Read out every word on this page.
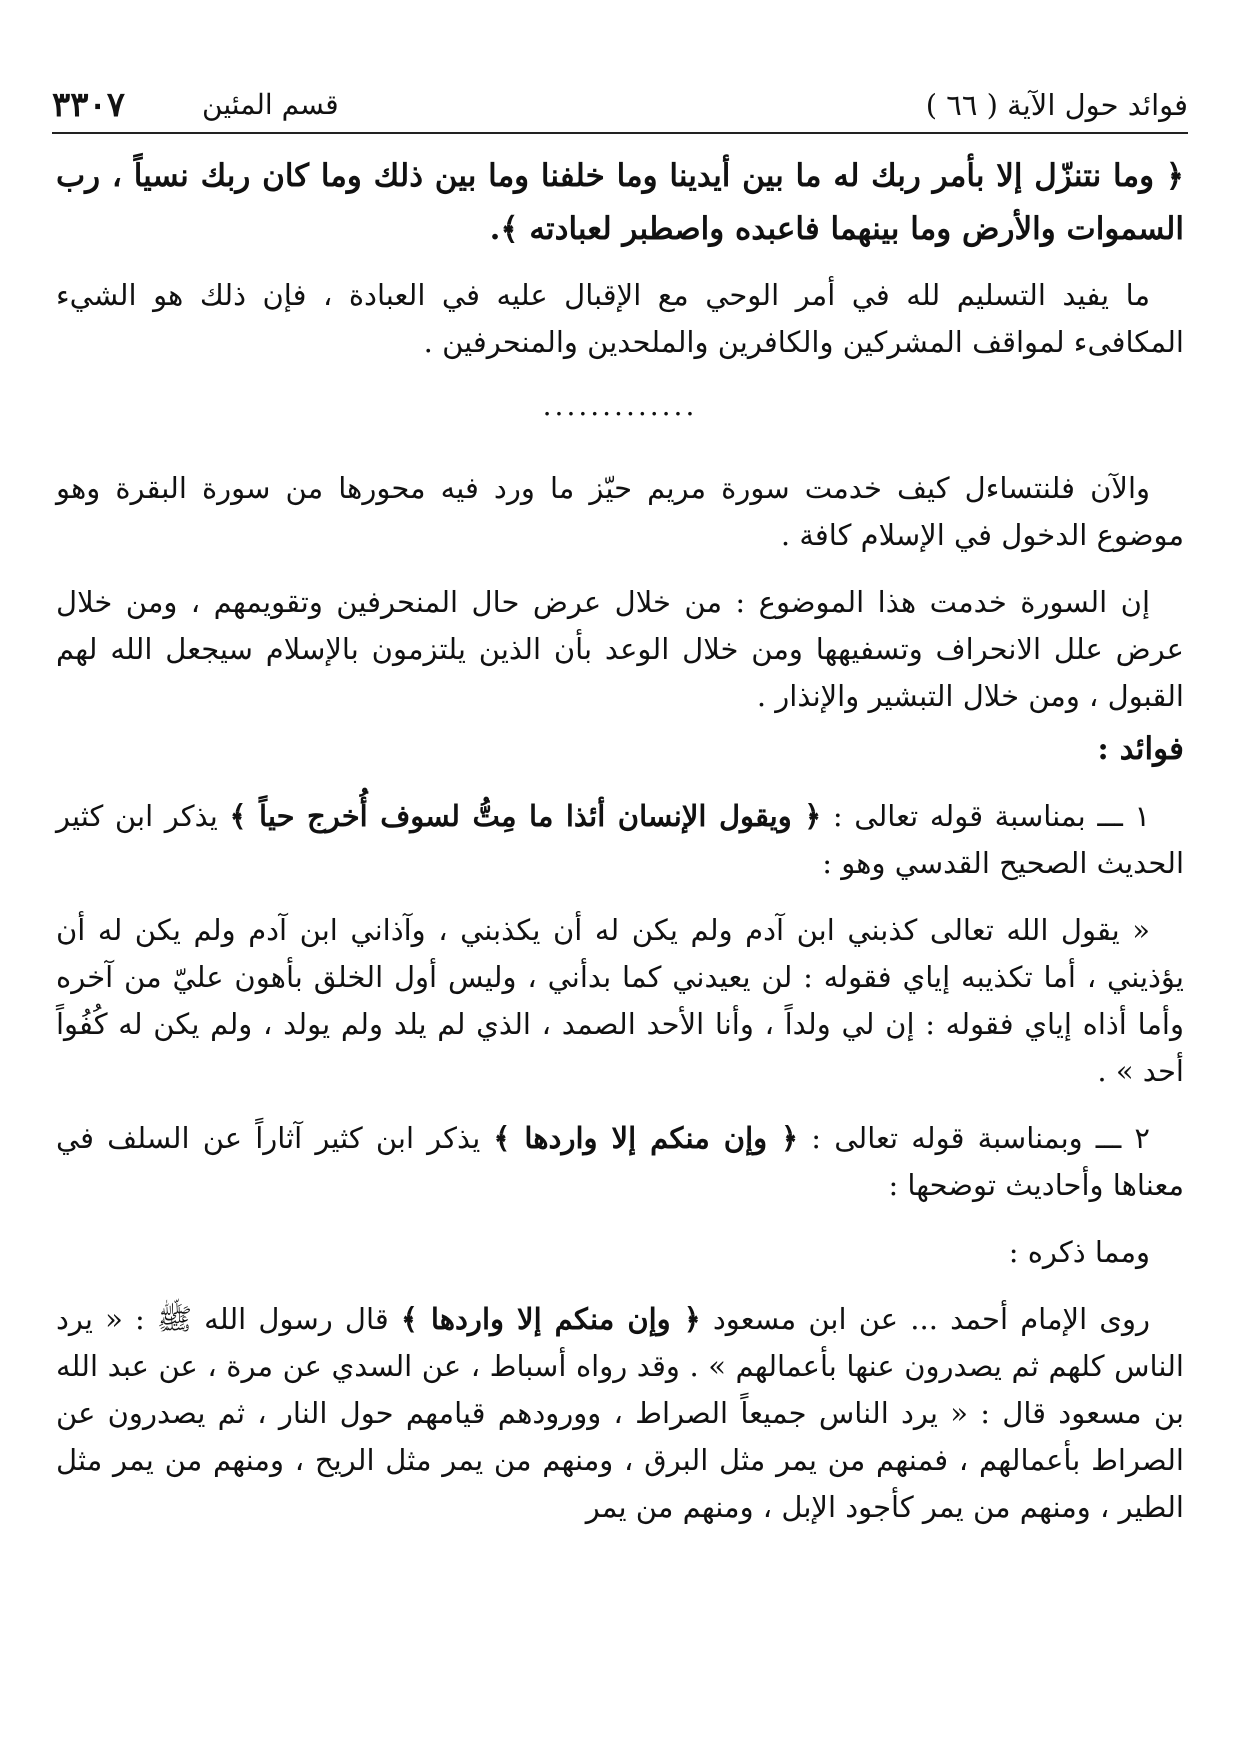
فوائد حول الآية ( ٦٦ )
قسم المئين
٣٣٠٧

﴿ وما نتنزّل إلا بأمر ربك له ما بين أيدينا وما خلفنا وما بين ذلك وما كان ربك نسياً ، رب السموات والأرض وما بينهما فاعبده واصطبر لعبادته ﴾.

ما يفيد التسليم لله في أمر الوحي مع الإقبال عليه في العبادة ، فإن ذلك هو الشيء المكافىء لمواقف المشركين والكافرين والملحدين والمنحرفين .

.............

والآن فلنتساءل كيف خدمت سورة مريم حيّز ما ورد فيه محورها من سورة البقرة وهو موضوع الدخول في الإسلام كافة .

إن السورة خدمت هذا الموضوع : من خلال عرض حال المنحرفين وتقويمهم ، ومن خلال عرض علل الانحراف وتسفيهها ومن خلال الوعد بأن الذين يلتزمون بالإسلام سيجعل الله لهم القبول ، ومن خلال التبشير والإنذار .

فوائد :

١ ـــ بمناسبة قوله تعالى : ﴿ ويقول الإنسان أئذا ما مِتُّ لسوف أُخرج حياً ﴾ يذكر ابن كثير الحديث الصحيح القدسي وهو :

« يقول الله تعالى كذبني ابن آدم ولم يكن له أن يكذبني ، وآذاني ابن آدم ولم يكن له أن يؤذيني ، أما تكذيبه إياي فقوله : لن يعيدني كما بدأني ، وليس أول الخلق بأهون عليّ من آخره وأما أذاه إياي فقوله : إن لي ولداً ، وأنا الأحد الصمد ، الذي لم يلد ولم يولد ، ولم يكن له كُفُواً أحد » .

٢ ـــ وبمناسبة قوله تعالى : ﴿ وإن منكم إلا واردها ﴾ يذكر ابن كثير آثاراً عن السلف في معناها وأحاديث توضحها :

ومما ذكره :

روى الإمام أحمد ... عن ابن مسعود ﴿ وإن منكم إلا واردها ﴾ قال رسول الله ﷺ : « يرد الناس كلهم ثم يصدرون عنها بأعمالهم » . وقد رواه أسباط ، عن السدي عن مرة ، عن عبد الله بن مسعود قال : « يرد الناس جميعاً الصراط ، وورودهم قيامهم حول النار ، ثم يصدرون عن الصراط بأعمالهم ، فمنهم من يمر مثل البرق ، ومنهم من يمر مثل الريح ، ومنهم من يمر مثل الطير ، ومنهم من يمر كأجود الإبل ، ومنهم من يمر
